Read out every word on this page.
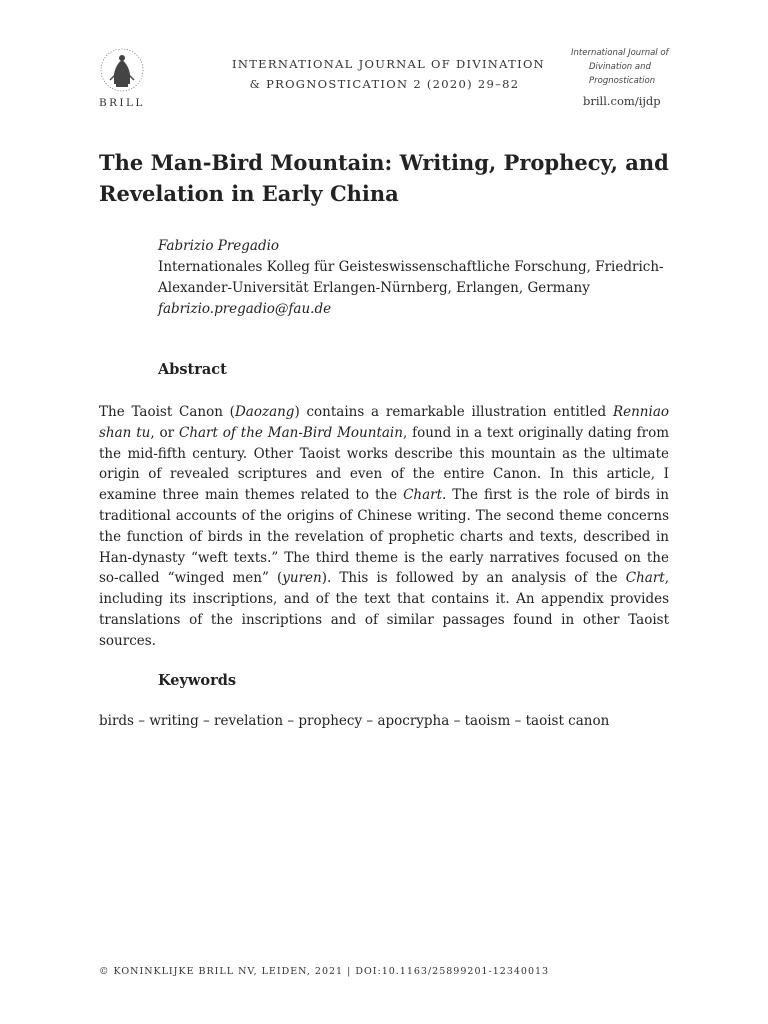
BRILL
INTERNATIONAL JOURNAL OF DIVINATION
& PROGNOSTICATION 2 (2020) 29–82
International Journal of
Divination and
Prognostication
brill.com/ijdp
The Man-Bird Mountain: Writing, Prophecy, and
Revelation in Early China
Fabrizio Pregadio
Internationales Kolleg für Geisteswissenschaftliche Forschung, Friedrich-
Alexander-Universität Erlangen-Nürnberg, Erlangen, Germany
fabrizio.pregadio@fau.de
Abstract
The Taoist Canon (Daozang) contains a remarkable illustration entitled Renniao shan tu, or Chart of the Man-Bird Mountain, found in a text originally dating from the mid-fifth century. Other Taoist works describe this mountain as the ultimate origin of revealed scriptures and even of the entire Canon. In this article, I examine three main themes related to the Chart. The first is the role of birds in traditional accounts of the origins of Chinese writing. The second theme concerns the function of birds in the revelation of prophetic charts and texts, described in Han-dynasty “weft texts.” The third theme is the early narratives focused on the so-called “winged men” (yuren). This is followed by an analysis of the Chart, including its inscriptions, and of the text that contains it. An appendix provides translations of the inscriptions and of similar passages found in other Taoist sources.
Keywords
birds – writing – revelation – prophecy – apocrypha – taoism – taoist canon
© KONINKLIJKE BRILL NV, LEIDEN, 2021 | DOI:10.1163/25899201-12340013
